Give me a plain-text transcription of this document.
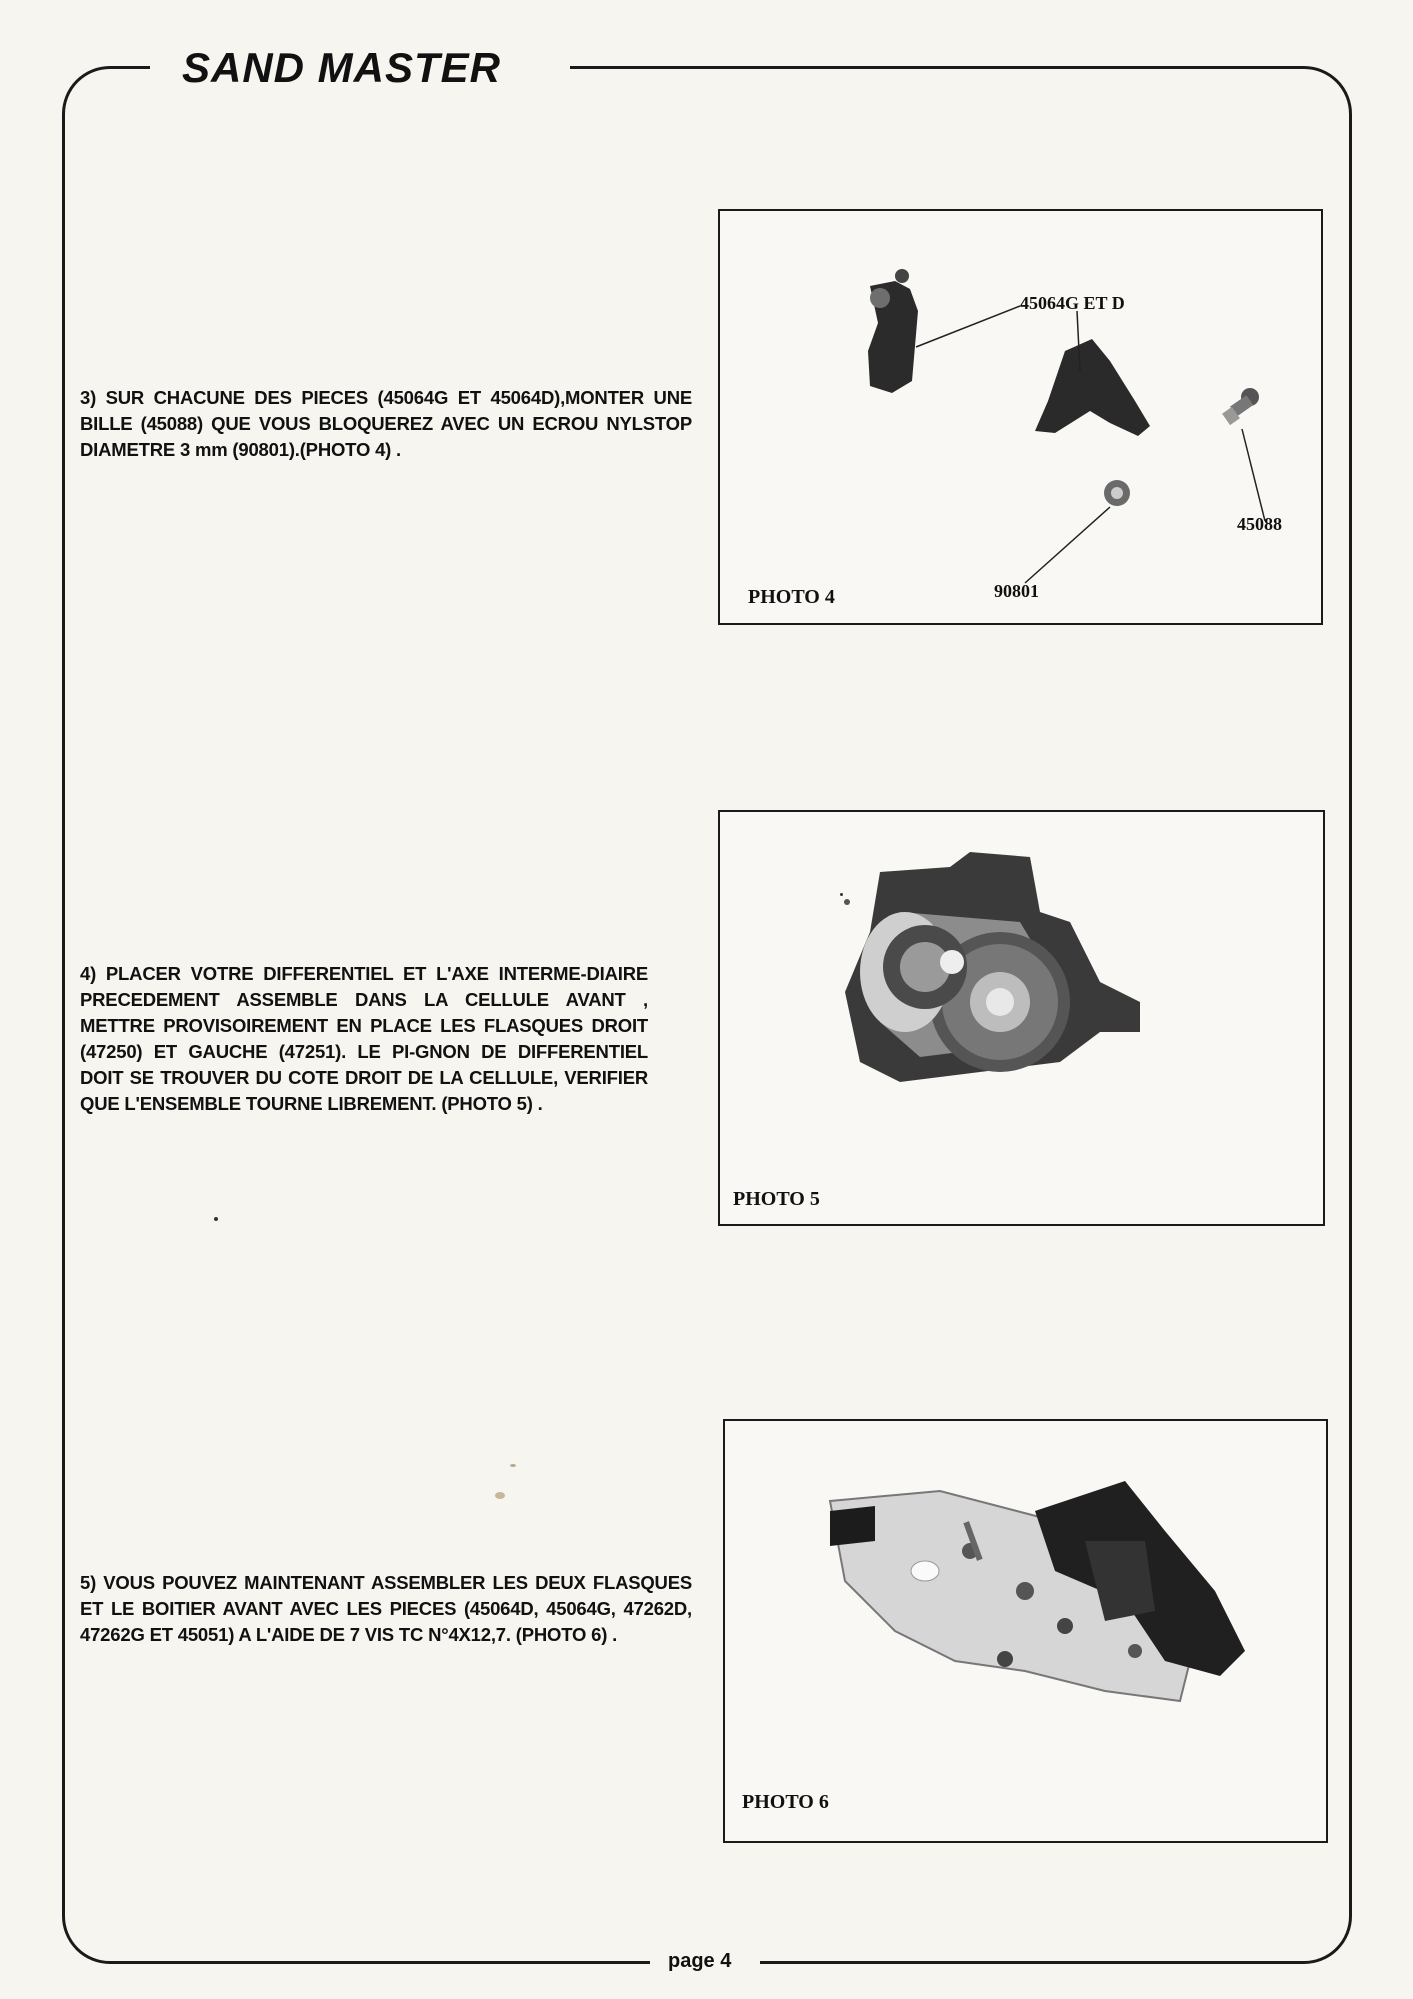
SAND MASTER
3) SUR CHACUNE DES PIECES (45064G ET 45064D),MONTER UNE BILLE (45088) QUE VOUS BLOQUEREZ AVEC UN ECROU NYLSTOP DIAMETRE 3 mm (90801).(PHOTO 4) .
45064G ET D
45088
90801
PHOTO 4
4) PLACER VOTRE DIFFERENTIEL ET L'AXE INTERME-DIAIRE PRECEDEMENT ASSEMBLE DANS LA CELLULE AVANT , METTRE PROVISOIREMENT EN PLACE LES FLASQUES DROIT (47250) ET GAUCHE (47251). LE PI-GNON DE DIFFERENTIEL DOIT SE TROUVER DU COTE DROIT DE LA CELLULE, VERIFIER QUE L'ENSEMBLE TOURNE LIBREMENT. (PHOTO 5) .
PHOTO 5
5) VOUS POUVEZ MAINTENANT ASSEMBLER LES DEUX FLASQUES ET LE BOITIER AVANT AVEC LES PIECES (45064D, 45064G, 47262D, 47262G ET 45051) A L'AIDE DE 7 VIS TC N°4X12,7. (PHOTO 6) .
PHOTO 6
page 4
